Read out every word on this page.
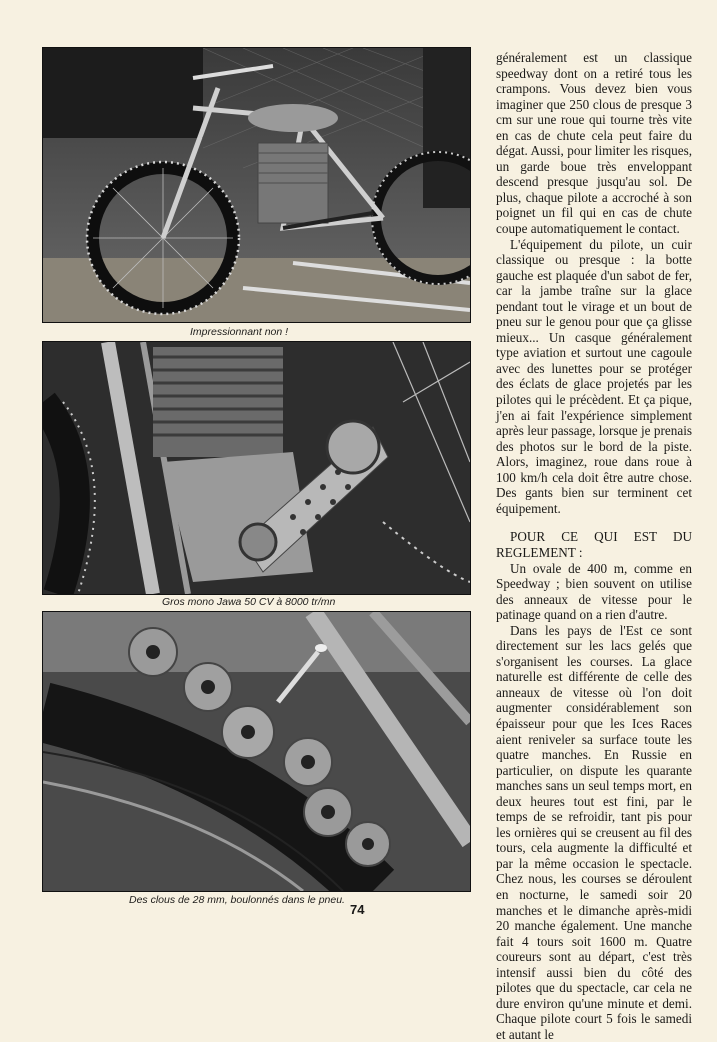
Impressionnant non !
Gros mono Jawa 50 CV à 8000 tr/mn
Des clous de 28 mm, boulonnés dans le pneu.

généralement est un classique speedway dont on a retiré tous les crampons. Vous devez bien vous imaginer que 250 clous de presque 3 cm sur une roue qui tourne très vite en cas de chute cela peut faire du dégat. Aussi, pour limiter les risques, un garde boue très enveloppant descend presque jusqu'au sol. De plus, chaque pilote a accroché à son poignet un fil qui en cas de chute coupe automatiquement le contact.

L'équipement du pilote, un cuir classique ou presque : la botte gauche est plaquée d'un sabot de fer, car la jambe traîne sur la glace pendant tout le virage et un bout de pneu sur le genou pour que ça glisse mieux... Un casque généralement type aviation et surtout une cagoule avec des lunettes pour se protéger des éclats de glace projetés par les pilotes qui le précèdent. Et ça pique, j'en ai fait l'expérience simplement après leur passage, lorsque je prenais des photos sur le bord de la piste. Alors, imaginez, roue dans roue à 100 km/h cela doit être autre chose. Des gants bien sur terminent cet équipement.

POUR CE QUI EST DU REGLEMENT :

Un ovale de 400 m, comme en Speedway ; bien souvent on utilise des anneaux de vitesse pour le patinage quand on a rien d'autre.

Dans les pays de l'Est ce sont directement sur les lacs gelés que s'organisent les courses. La glace naturelle est différente de celle des anneaux de vitesse où l'on doit augmenter considérablement son épaisseur pour que les Ices Races aient reniveler sa surface toute les quatre manches. En Russie en particulier, on dispute les quarante manches sans un seul temps mort, en deux heures tout est fini, par le temps de se refroidir, tant pis pour les ornières qui se creusent au fil des tours, cela augmente la difficulté et par la même occasion le spectacle. Chez nous, les courses se déroulent en nocturne, le samedi soir 20 manches et le dimanche après-midi 20 manche également. Une manche fait 4 tours soit 1600 m. Quatre coureurs sont au départ, c'est très intensif aussi bien du côté des pilotes que du spectacle, car cela ne dure environ qu'une minute et demi. Chaque pilote court 5 fois le samedi et autant le

74
